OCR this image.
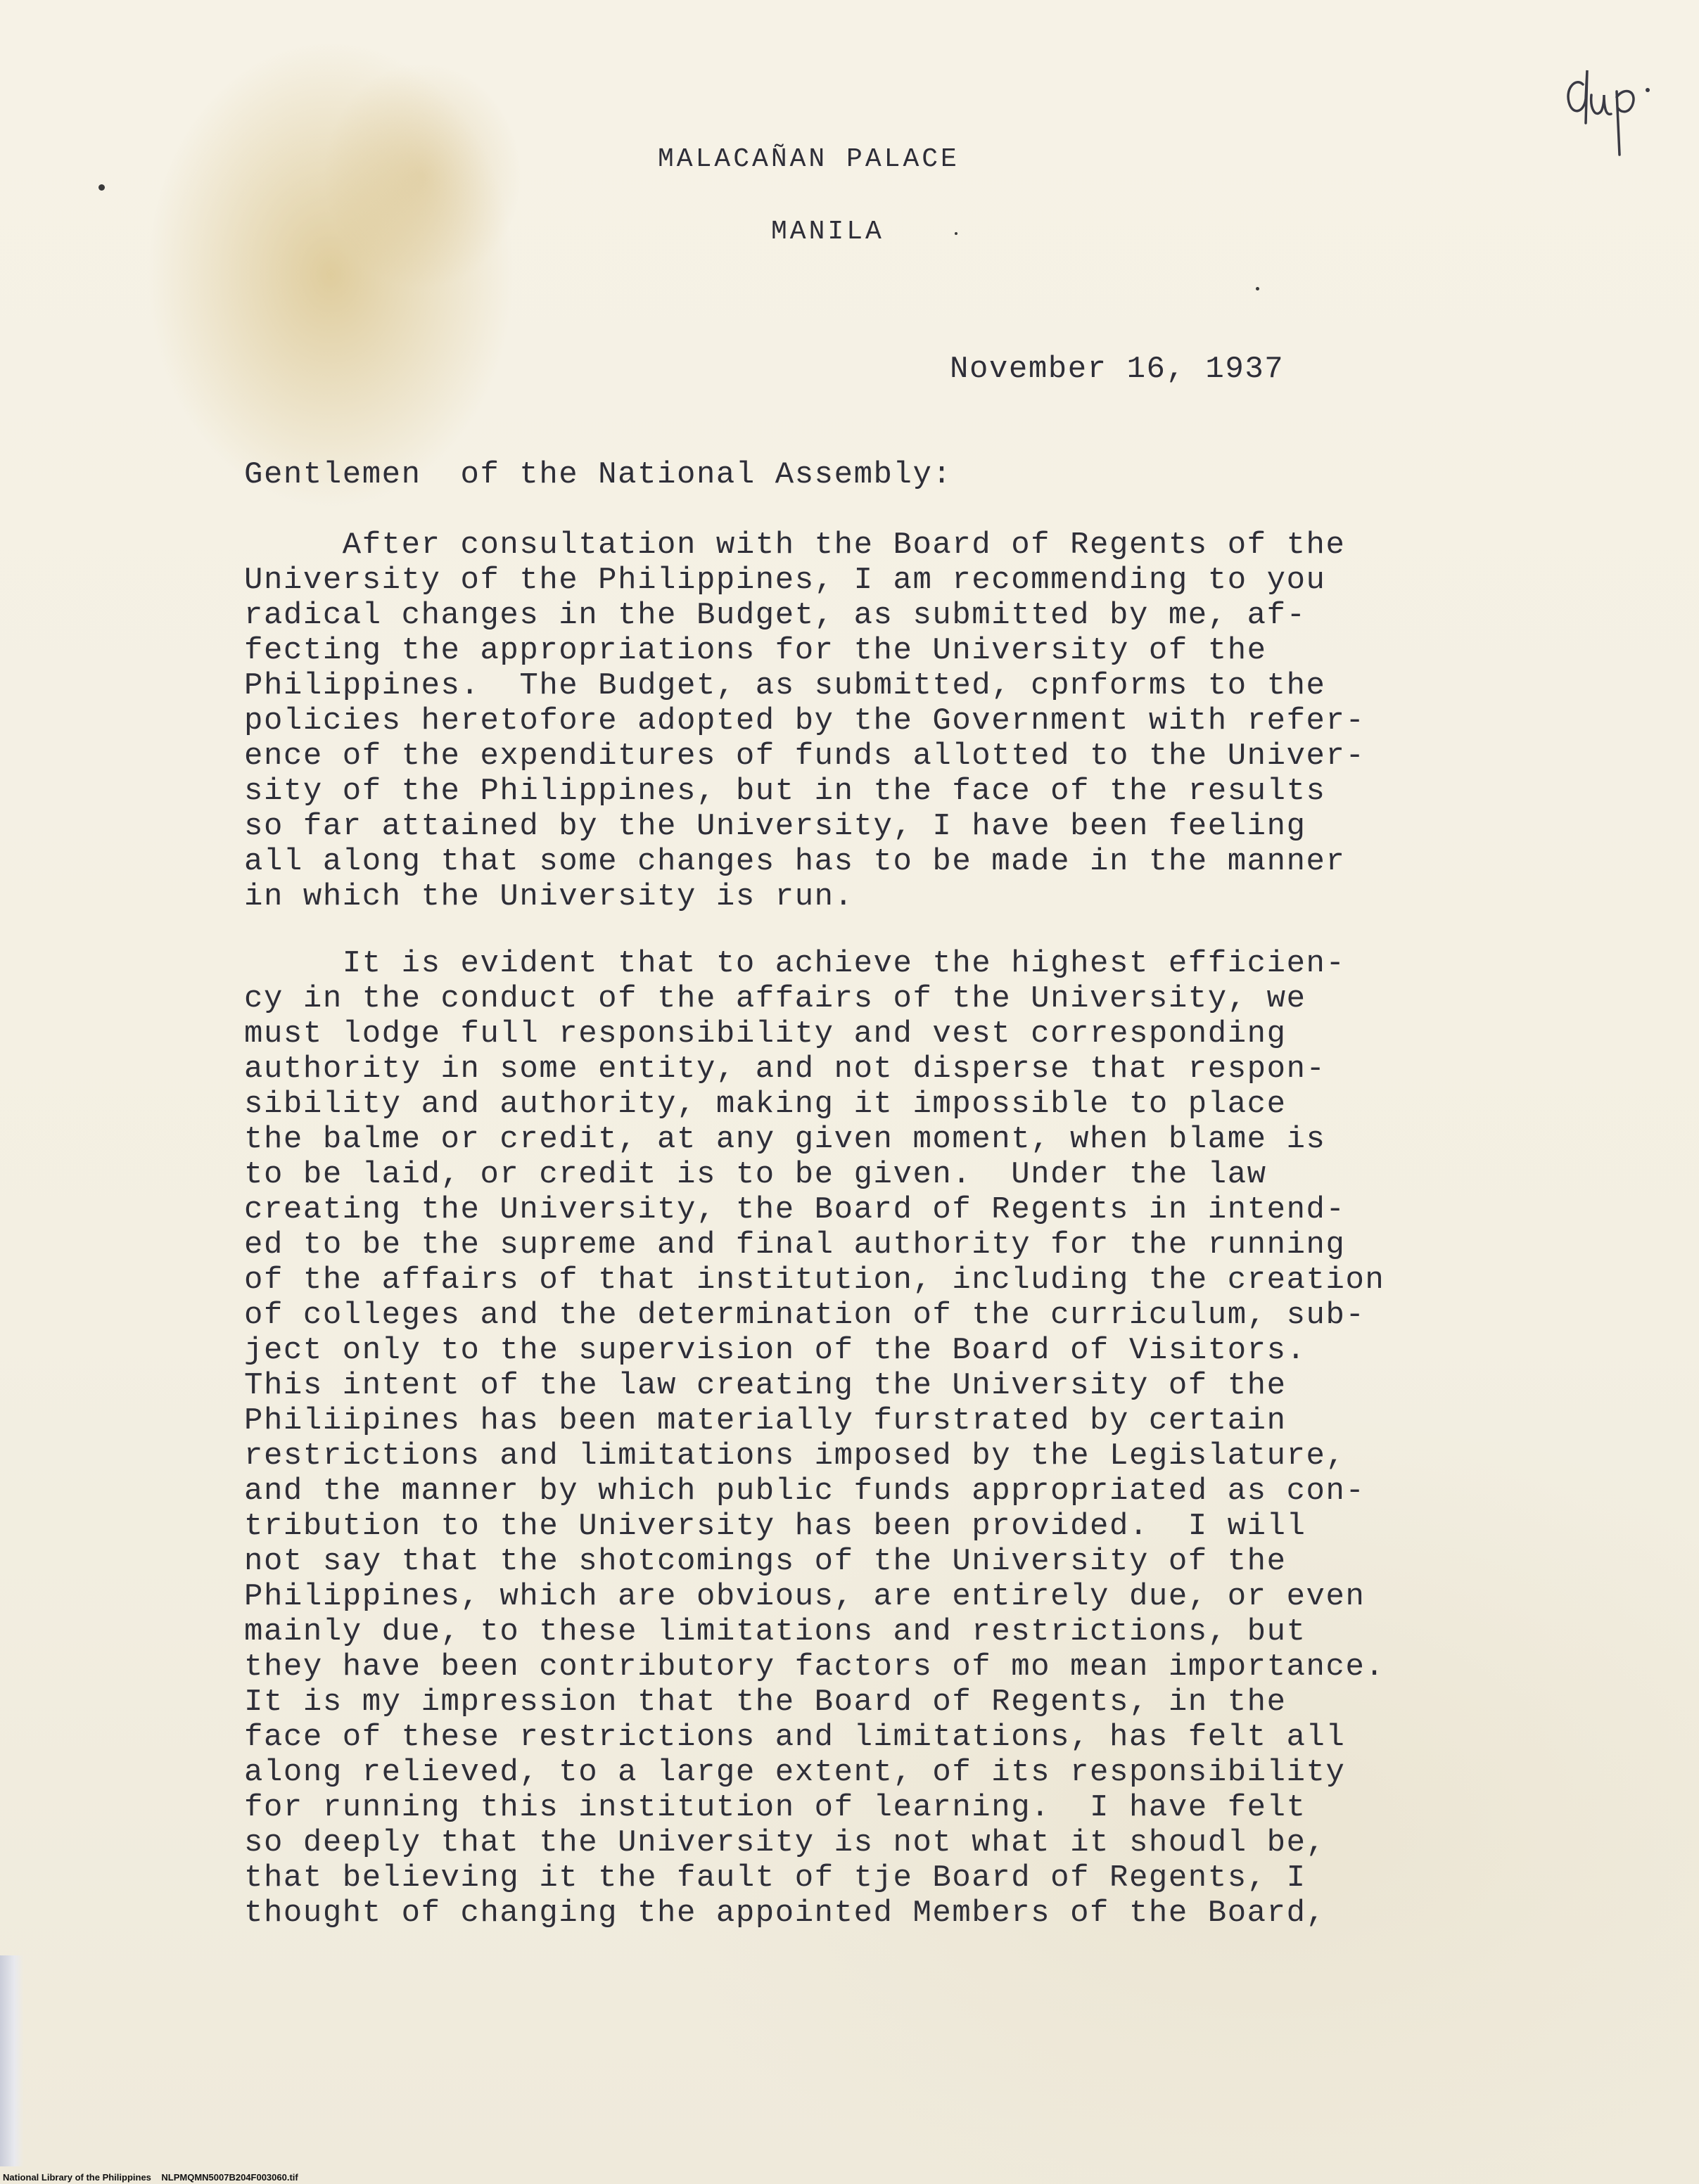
MALACAÑAN PALACE
MANILA
November 16, 1937
Gentlemen  of the National Assembly:
After consultation with the Board of Regents of the
University of the Philippines, I am recommending to you
radical changes in the Budget, as submitted by me, af-
fecting the appropriations for the University of the
Philippines.  The Budget, as submitted, cpnforms to the
policies heretofore adopted by the Government with refer-
ence of the expenditures of funds allotted to the Univer-
sity of the Philippines, but in the face of the results
so far attained by the University, I have been feeling
all along that some changes has to be made in the manner
in which the University is run.
It is evident that to achieve the highest efficien-
cy in the conduct of the affairs of the University, we
must lodge full responsibility and vest corresponding
authority in some entity, and not disperse that respon-
sibility and authority, making it impossible to place
the balme or credit, at any given moment, when blame is
to be laid, or credit is to be given.  Under the law
creating the University, the Board of Regents in intend-
ed to be the supreme and final authority for the running
of the affairs of that institution, including the creation
of colleges and the determination of the curriculum, sub-
ject only to the supervision of the Board of Visitors.
This intent of the law creating the University of the
Philiipines has been materially furstrated by certain
restrictions and limitations imposed by the Legislature,
and the manner by which public funds appropriated as con-
tribution to the University has been provided.  I will
not say that the shotcomings of the University of the
Philippines, which are obvious, are entirely due, or even
mainly due, to these limitations and restrictions, but
they have been contributory factors of mo mean importance.
It is my impression that the Board of Regents, in the
face of these restrictions and limitations, has felt all
along relieved, to a large extent, of its responsibility
for running this institution of learning.  I have felt
so deeply that the University is not what it shoudl be,
that believing it the fault of tje Board of Regents, I
thought of changing the appointed Members of the Board,
National Library of the Philippines NLPMQMN5007B204F003060.tif
